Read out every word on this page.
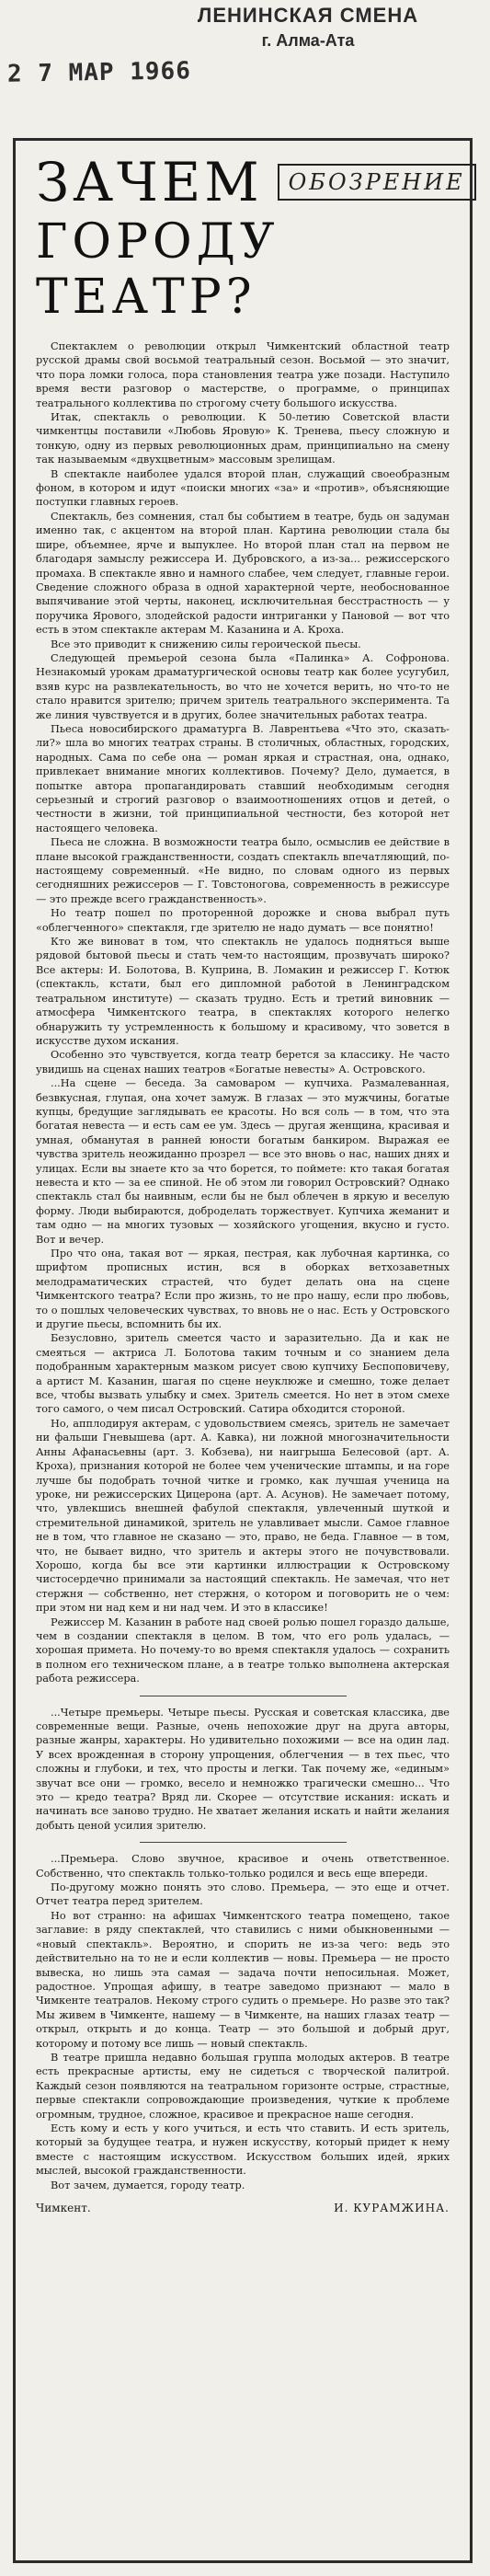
ЛЕНИНСКАЯ СМЕНА
г. Алма-Ата
2 7 МАР 1966
ЗАЧЕМ	ОБОЗРЕНИЕ
ГОРОДУ ТЕАТР?

Спектаклем о революции открыл Чимкентский областной театр русской драмы свой восьмой театральный сезон. Восьмой — это значит, что пора ломки голоса, пора становления театра уже позади. Наступило время вести разговор о мастерстве, о программе, о принципах театрального коллектива по строгому счету большого искусства.

Итак, спектакль о революции. К 50-летию Советской власти чимкентцы поставили «Любовь Яровую» К. Тренева, пьесу сложную и тонкую, одну из первых революционных драм, принципиально на смену так называемым «двухцветным» массовым зрелищам.

В спектакле наиболее удался второй план, служащий своеобразным фоном, в котором и идут «поиски многих «за» и «против», объясняющие поступки главных героев.

Спектакль, без сомнения, стал бы событием в театре, будь он задуман именно так, с акцентом на второй план. Картина революции стала бы шире, объемнее, ярче и выпуклее. Но второй план стал на первом не благодаря замыслу режиссера И. Дубровского, а из-за... режиссерского промаха. В спектакле явно и намного слабее, чем следует, главные герои. Сведение сложного образа в одной характерной черте, необоснованное выпячивание этой черты, наконец, исключительная бесстрастность — у поручика Ярового, злодейской радости интриганки у Пановой — вот что есть в этом спектакле актерам М. Казанина и А. Кроха.

Все это приводит к снижению силы героической пьесы.

Следующей премьерой сезона была «Палинка» А. Софронова. Незнакомый урокам драматургической основы театр как более усугубил, взяв курс на развлекательность, во что не хочется верить, но что-то не стало нравится зрителю; причем зритель театрального эксперимента. Та же линия чувствуется и в других, более значительных работах театра.

Пьеса новосибирского драматурга В. Лаврентьева «Что это, сказать-ли?» шла во многих театрах страны. В столичных, областных, городских, народных. Сама по себе она — роман яркая и страстная, она, однако, привлекает внимание многих коллективов. Почему? Дело, думается, в попытке автора пропагандировать ставший необходимым сегодня серьезный и строгий разговор о взаимоотношениях отцов и детей, о честности в жизни, той принципиальной честности, без которой нет настоящего человека.

Пьеса не сложна. В возможности театра было, осмыслив ее действие в плане высокой гражданственности, создать спектакль впечатляющий, по-настоящему современный. «Не видно, по словам одного из первых сегодняшних режиссеров — Г. Товстоногова, современность в режиссуре — это прежде всего гражданственность».

Но театр пошел по проторенной дорожке и снова выбрал путь «облегченного» спектакля, где зрителю не надо думать — все понятно!

Кто же виноват в том, что спектакль не удалось подняться выше рядовой бытовой пьесы и стать чем-то настоящим, прозвучать широко? Все актеры: И. Болотова, В. Куприна, В. Ломакин и режиссер Г. Котюк (спектакль, кстати, был его дипломной работой в Ленинградском театральном институте) — сказать трудно. Есть и третий виновник — атмосфера Чимкентского театра, в спектаклях которого нелегко обнаружить ту устремленность к большому и красивому, что зовется в искусстве духом искания.

Особенно это чувствуется, когда театр берется за классику. Не часто увидишь на сценах наших театров «Богатые невесты» А. Островского.

...На сцене — беседа. За самоваром — купчиха. Размалеванная, безвкусная, глупая, она хочет замуж. В глазах — это мужчины, богатые купцы, бредущие заглядывать ее красоты. Но вся соль — в том, что эта богатая невеста — и есть сам ее ум. Здесь — другая женщина, красивая и умная, обманутая в ранней юности богатым банкиром. Выражая ее чувства зритель неожиданно прозрел — все это вновь о нас, наших днях и улицах. Если вы знаете кто за что борется, то поймете: кто такая богатая невеста и кто — за ее спиной. Не об этом ли говорил Островский? Однако спектакль стал бы наивным, если бы не был облечен в яркую и веселую форму. Люди выбираются, доброделать торжествует. Купчиха жеманит и там одно — на многих тузовых — хозяйского угощения, вкусно и густо. Вот и вечер.

Про что она, такая вот — яркая, пестрая, как лубочная картинка, со шрифтом прописных истин, вся в оборках ветхозаветных мелодраматических страстей, что будет делать она на сцене Чимкентского театра? Если про жизнь, то не про нашу, если про любовь, то о пошлых человеческих чувствах, то вновь не о нас. Есть у Островского и другие пьесы, вспомнить бы их.

Безусловно, зритель смеется часто и заразительно. Да и как не смеяться — актриса Л. Болотова таким точным и со знанием дела подобранным характерным мазком рисует свою купчиху Беспоповичеву, а артист М. Казанин, шагая по сцене неуклюже и смешно, тоже делает все, чтобы вызвать улыбку и смех. Зритель смеется. Но нет в этом смехе того самого, о чем писал Островский. Сатира обходится стороной.

Но, апплодируя актерам, с удовольствием смеясь, зритель не замечает ни фальши Гневышева (арт. А. Кавка), ни ложной многозначительности Анны Афанасьевны (арт. З. Кобзева), ни наигрыша Белесовой (арт. А. Кроха), признания которой не более чем ученические штампы, и на горе лучше бы подобрать точной читке и громко, как лучшая ученица на уроке, ни режиссерских Цицерона (арт. А. Асунов). Не замечает потому, что, увлекшись внешней фабулой спектакля, увлеченный шуткой и стремительной динамикой, зритель не улавливает мысли. Самое главное не в том, что главное не сказано — это, право, не беда. Главное — в том, что, не бывает видно, что зритель и актеры этого не почувствовали. Хорошо, когда бы все эти картинки иллюстрации к Островскому чистосердечно принимали за настоящий спектакль. Не замечая, что нет стержня — собственно, нет стержня, о котором и поговорить не о чем: при этом ни над кем и ни над чем. И это в классике!

Режиссер М. Казанин в работе над своей ролью пошел гораздо дальше, чем в создании спектакля в целом. В том, что его роль удалась, — хорошая примета. Но почему-то во время спектакля удалось — сохранить в полном его техническом плане, а в театре только выполнена актерская работа режиссера.

...Четыре премьеры. Четыре пьесы. Русская и советская классика, две современные вещи. Разные, очень непохожие друг на друга авторы, разные жанры, характеры. Но удивительно похожими — все на один лад. У всех врожденная в сторону упрощения, облегчения — в тех пьес, что сложны и глубоки, и тех, что просты и легки. Так почему же, «единым» звучат все они — громко, весело и немножко трагически смешно... Что это — кредо театра? Вряд ли. Скорее — отсутствие искания: искать и начинать все заново трудно. Не хватает желания искать и найти желания добыть ценой усилия зрителю.

...Премьера. Слово звучное, красивое и очень ответственное. Собственно, что спектакль только-только родился и весь еще впереди.

По-другому можно понять это слово. Премьера, — это еще и отчет. Отчет театра перед зрителем.

Но вот странно: на афишах Чимкентского театра помещено, такое заглавие: в ряду спектаклей, что ставились с ними обыкновенными — «новый спектакль». Вероятно, и спорить не из-за чего: ведь это действительно на то не и если коллектив — новы. Премьера — не просто вывеска, но лишь эта самая — задача почти непосильная. Может, радостное. Упрощая афишу, в театре заведомо признают — мало в Чимкенте театралов. Некому строго судить о премьере. Но разве это так? Мы живем в Чимкенте, нашему — в Чимкенте, на наших глазах театр — открыл, открыть и до конца. Театр — это большой и добрый друг, которому и потому все лишь — новый спектакль.

В театре пришла недавно большая группа молодых актеров. В театре есть прекрасные артисты, ему не сидеться с творческой палитрой. Каждый сезон появляются на театральном горизонте острые, страстные, первые спектакли сопровождающие произведения, чуткие к проблеме огромным, трудное, сложное, красивое и прекрасное наше сегодня.

Есть кому и есть у кого учиться, и есть что ставить. И есть зритель, который за будущее театра, и нужен искусству, который придет к нему вместе с настоящим искусством. Искусством больших идей, ярких мыслей, высокой гражданственности.

Вот зачем, думается, городу театр.

Чимкент.	И. КУРАМЖИНА.
